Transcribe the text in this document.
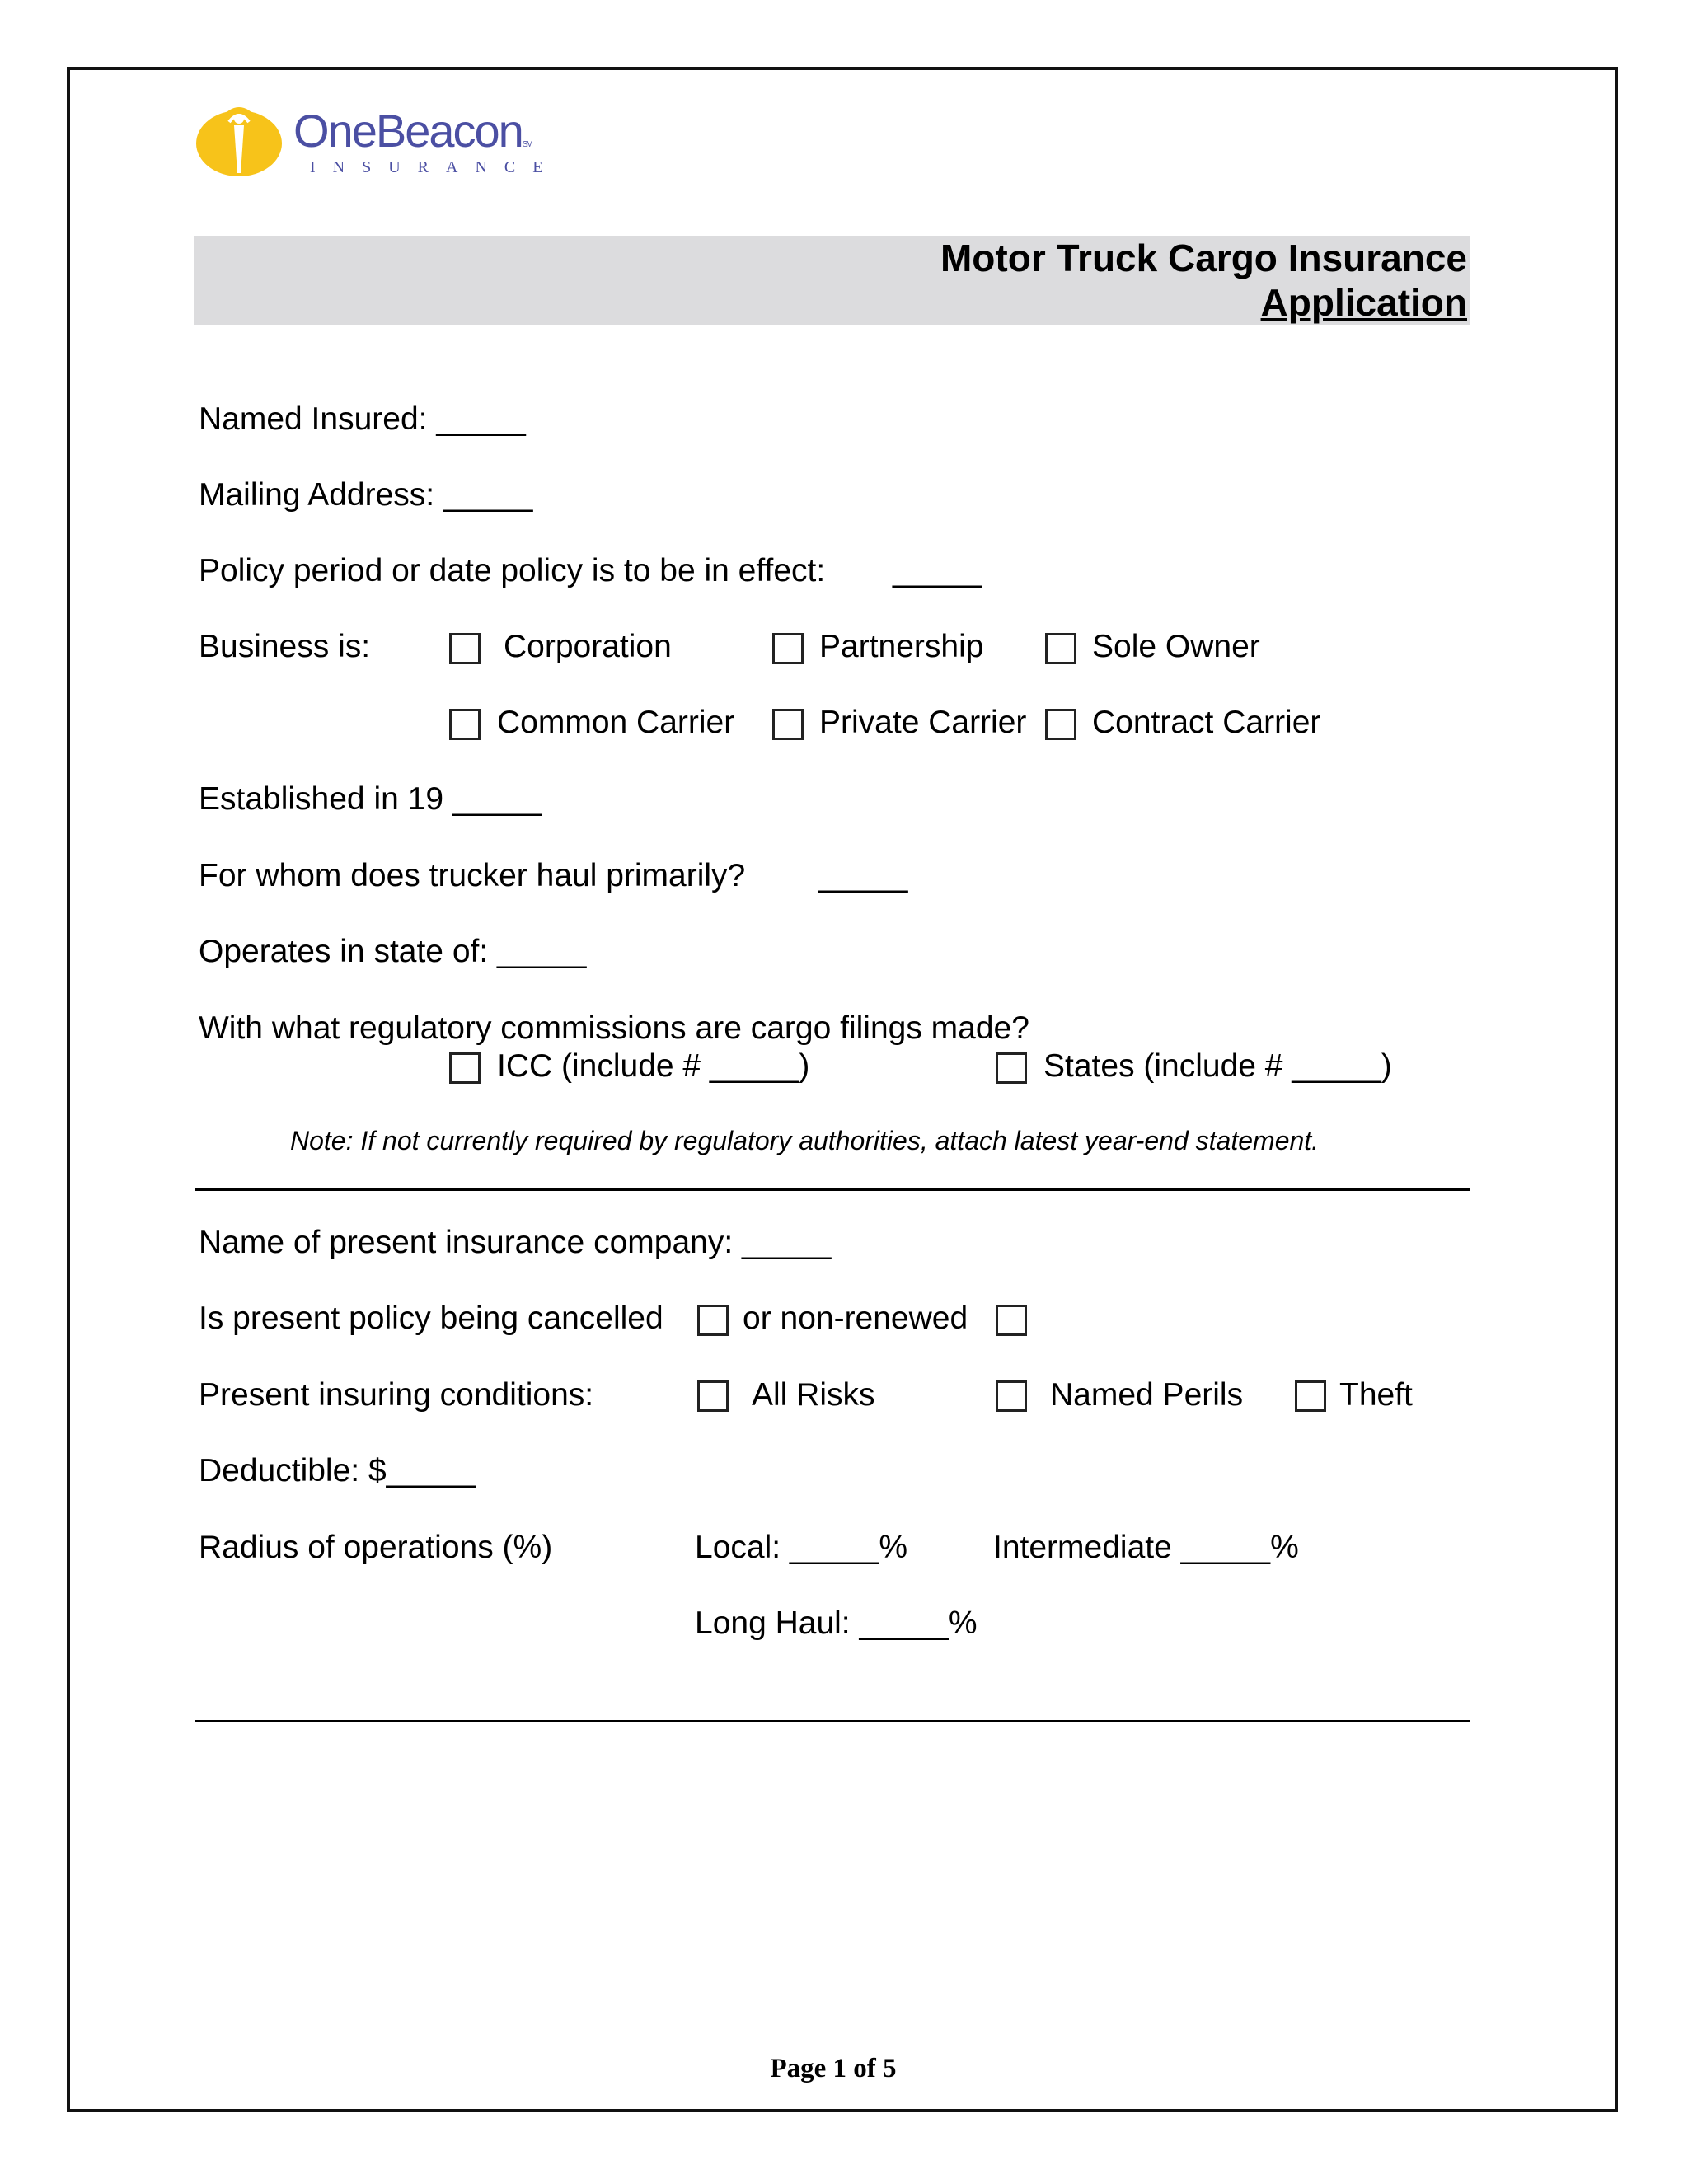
OneBeaconSM
INSURANCE
Motor Truck Cargo Insurance
Application
Named Insured: _____
Mailing Address: _____
Policy period or date policy is to be in effect: _____
Business is:	Corporation	Partnership	Sole Owner
Common Carrier	Private Carrier Contract Carrier
Established in 19 _____
For whom does trucker haul primarily? _____
Operates in state of: _____
With what regulatory commissions are cargo filings made?
ICC (include # _____)	States (include # _____)
Note: If not currently required by regulatory authorities, attach latest year-end statement.
Name of present insurance company: _____
Is present policy being cancelled or non-renewed
Present insuring conditions:	All Risks	Named Perils	Theft
Deductible: $_____
Radius of operations (%)	Local: _____%	Intermediate _____%
Long Haul: _____%
Page 1 of 5
